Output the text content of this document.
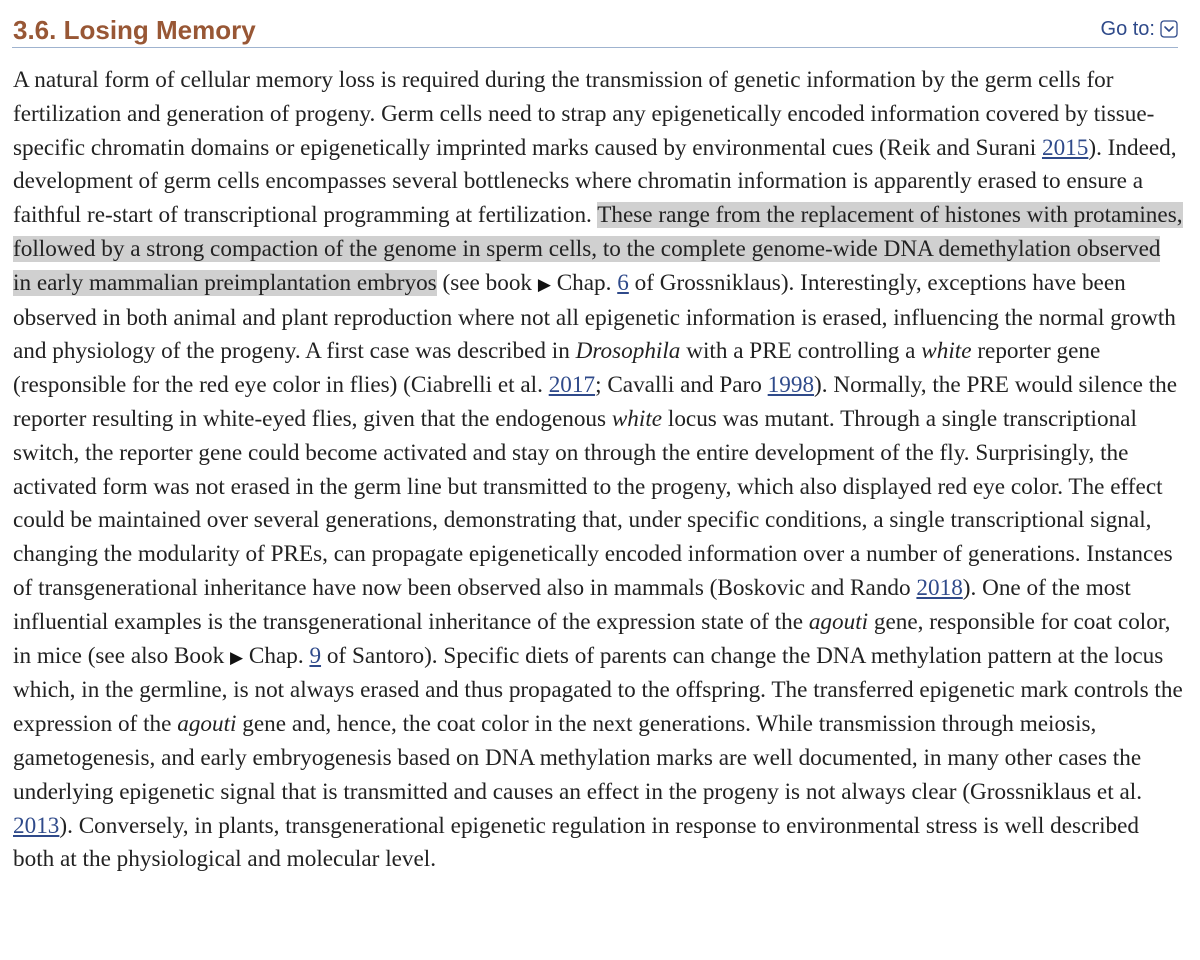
3.6. Losing Memory	Go to:

A natural form of cellular memory loss is required during the transmission of genetic information by the germ cells for fertilization and generation of progeny. Germ cells need to strap any epigenetically encoded information covered by tissue-specific chromatin domains or epigenetically imprinted marks caused by environmental cues (Reik and Surani 2015). Indeed, development of germ cells encompasses several bottlenecks where chromatin information is apparently erased to ensure a faithful re-start of transcriptional programming at fertilization. These range from the replacement of histones with protamines, followed by a strong compaction of the genome in sperm cells, to the complete genome-wide DNA demethylation observed in early mammalian preimplantation embryos (see book ▶ Chap. 6 of Grossniklaus). Interestingly, exceptions have been observed in both animal and plant reproduction where not all epigenetic information is erased, influencing the normal growth and physiology of the progeny. A first case was described in Drosophila with a PRE controlling a white reporter gene (responsible for the red eye color in flies) (Ciabrelli et al. 2017; Cavalli and Paro 1998). Normally, the PRE would silence the reporter resulting in white-eyed flies, given that the endogenous white locus was mutant. Through a single transcriptional switch, the reporter gene could become activated and stay on through the entire development of the fly. Surprisingly, the activated form was not erased in the germ line but transmitted to the progeny, which also displayed red eye color. The effect could be maintained over several generations, demonstrating that, under specific conditions, a single transcriptional signal, changing the modularity of PREs, can propagate epigenetically encoded information over a number of generations. Instances of transgenerational inheritance have now been observed also in mammals (Boskovic and Rando 2018). One of the most influential examples is the transgenerational inheritance of the expression state of the agouti gene, responsible for coat color, in mice (see also Book ▶ Chap. 9 of Santoro). Specific diets of parents can change the DNA methylation pattern at the locus which, in the germline, is not always erased and thus propagated to the offspring. The transferred epigenetic mark controls the expression of the agouti gene and, hence, the coat color in the next generations. While transmission through meiosis, gametogenesis, and early embryogenesis based on DNA methylation marks are well documented, in many other cases the underlying epigenetic signal that is transmitted and causes an effect in the progeny is not always clear (Grossniklaus et al. 2013). Conversely, in plants, transgenerational epigenetic regulation in response to environmental stress is well described both at the physiological and molecular level.
